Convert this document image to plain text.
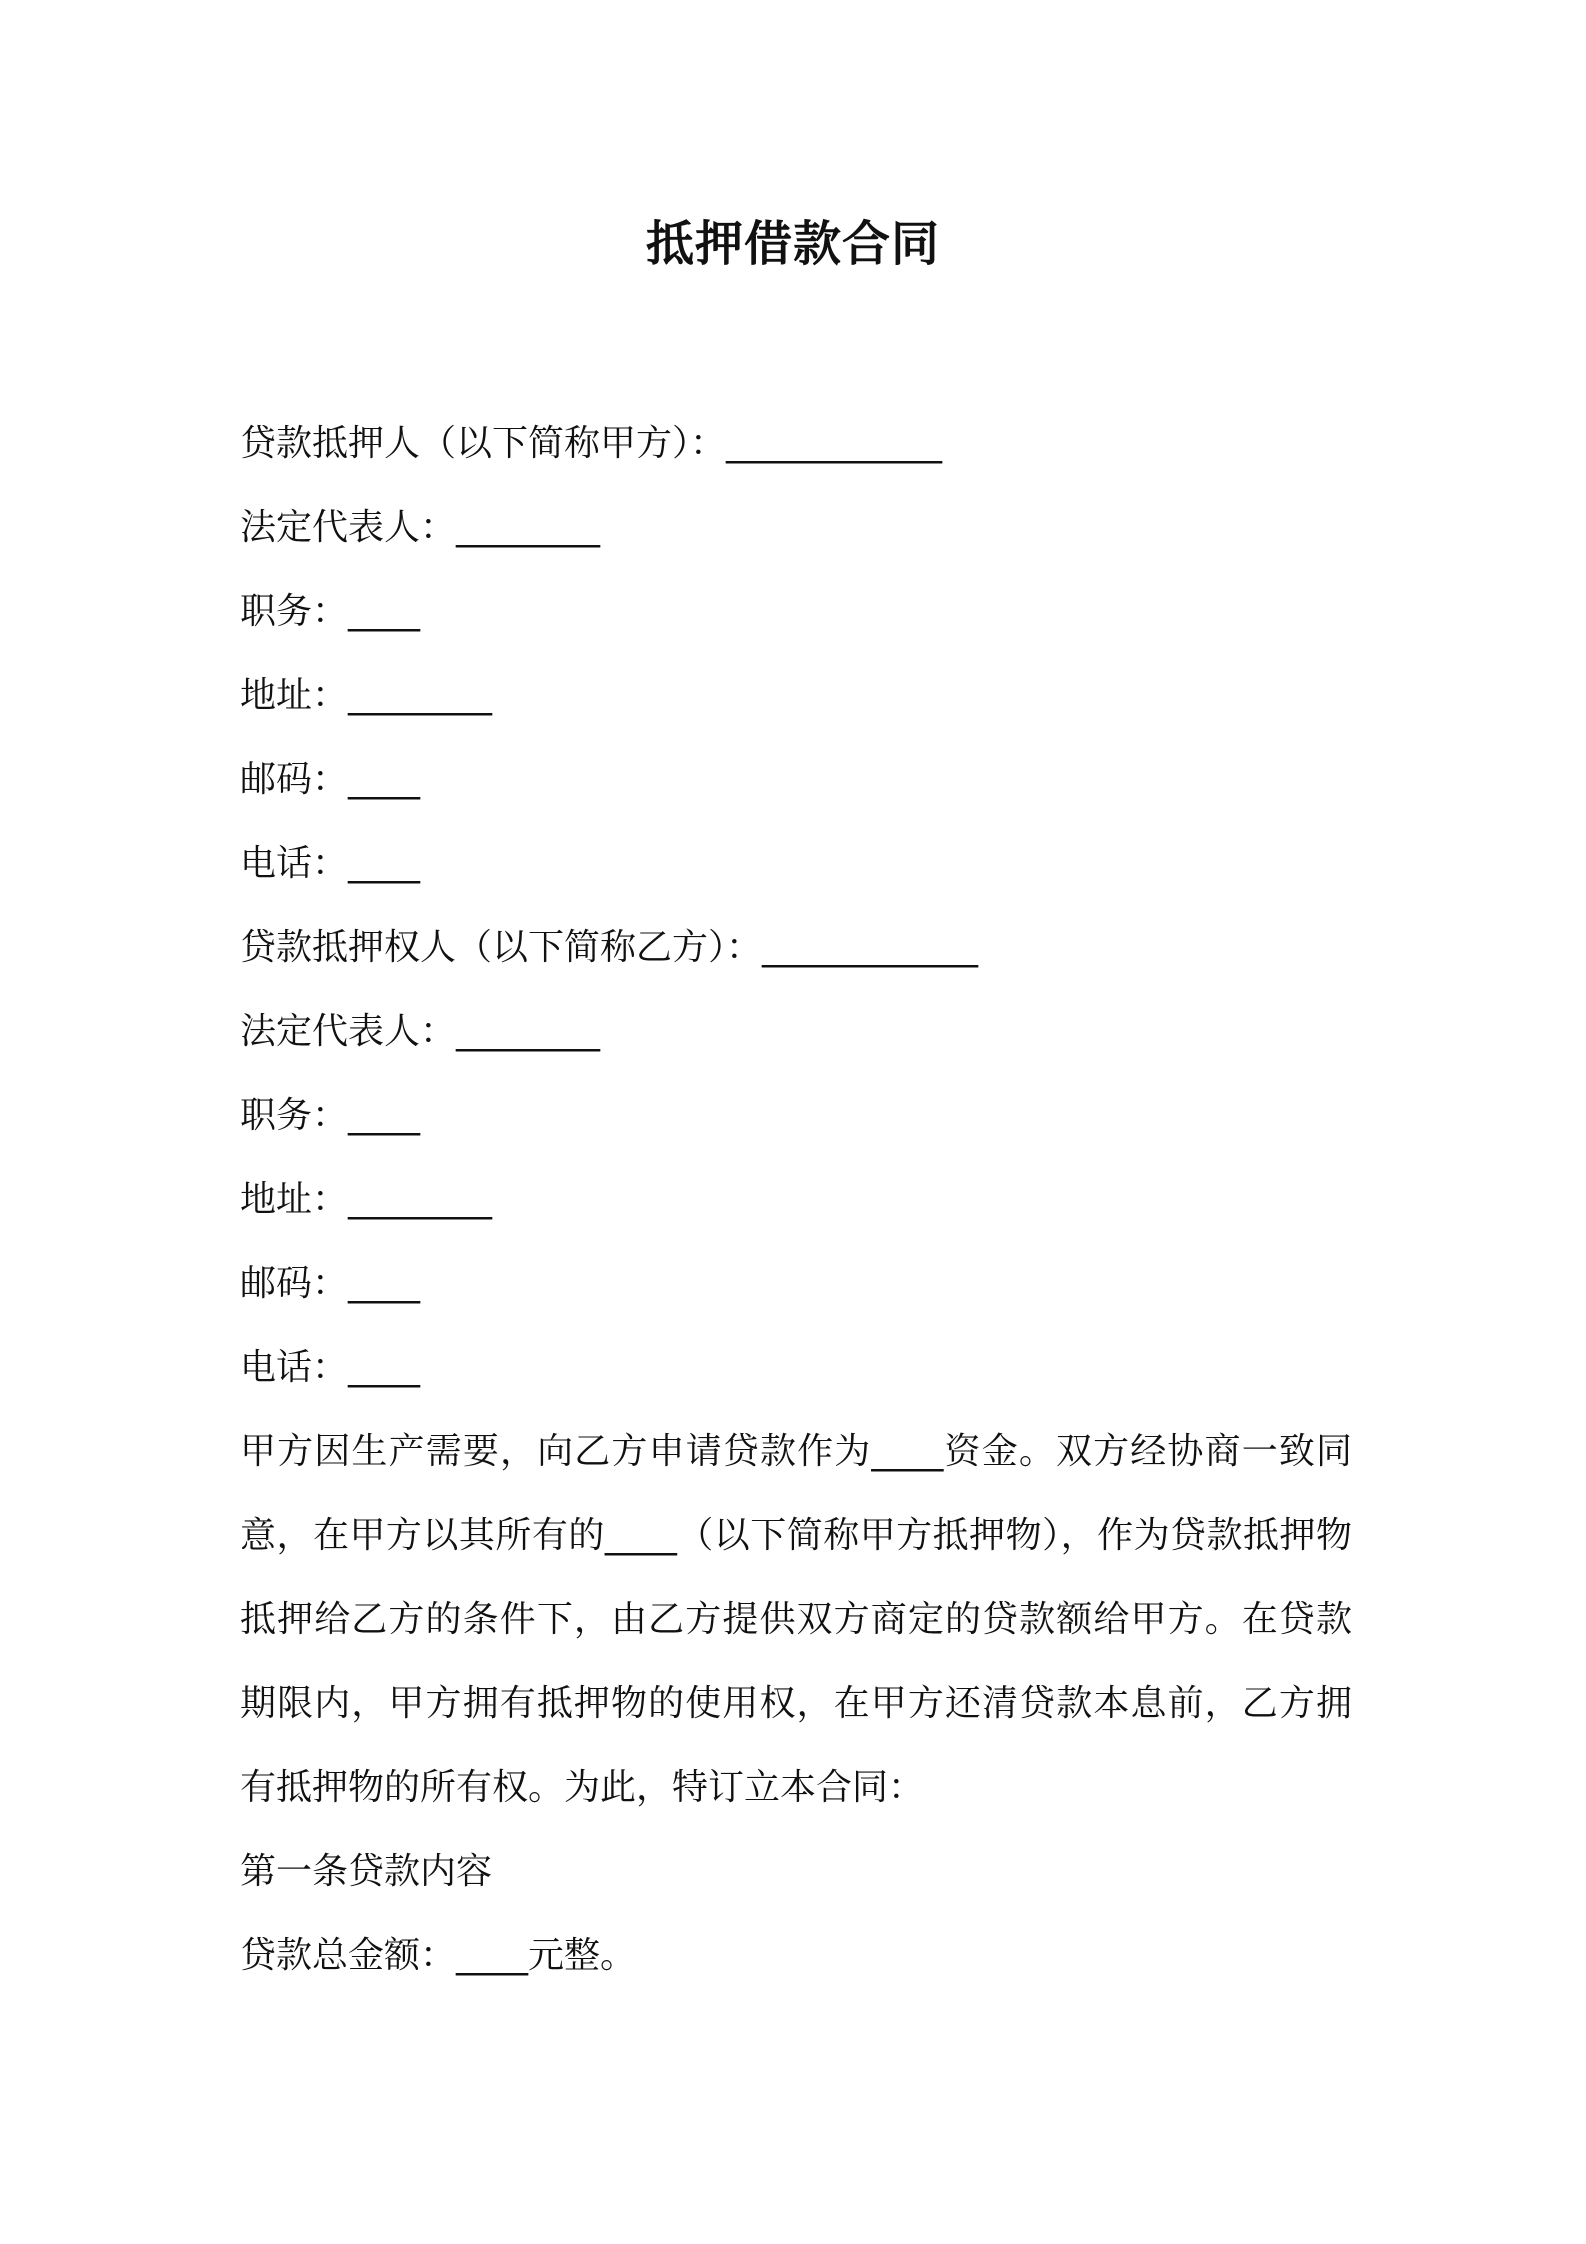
抵押借款合同
贷款抵押人（以下简称甲方）：____________
法定代表人：________
职务：____
地址：________
邮码：____
电话：____
贷款抵押权人（以下简称乙方）：____________
法定代表人：________
职务：____
地址：________
邮码：____
电话：____
甲方因生产需要，向乙方申请贷款作为____资金。双方经协商一致同意，在甲方以其所有的____（以下简称甲方抵押物），作为贷款抵押物抵押给乙方的条件下，由乙方提供双方商定的贷款额给甲方。在贷款期限内，甲方拥有抵押物的使用权，在甲方还清贷款本息前，乙方拥有抵押物的所有权。为此，特订立本合同：
第一条贷款内容
贷款总金额：____元整。
